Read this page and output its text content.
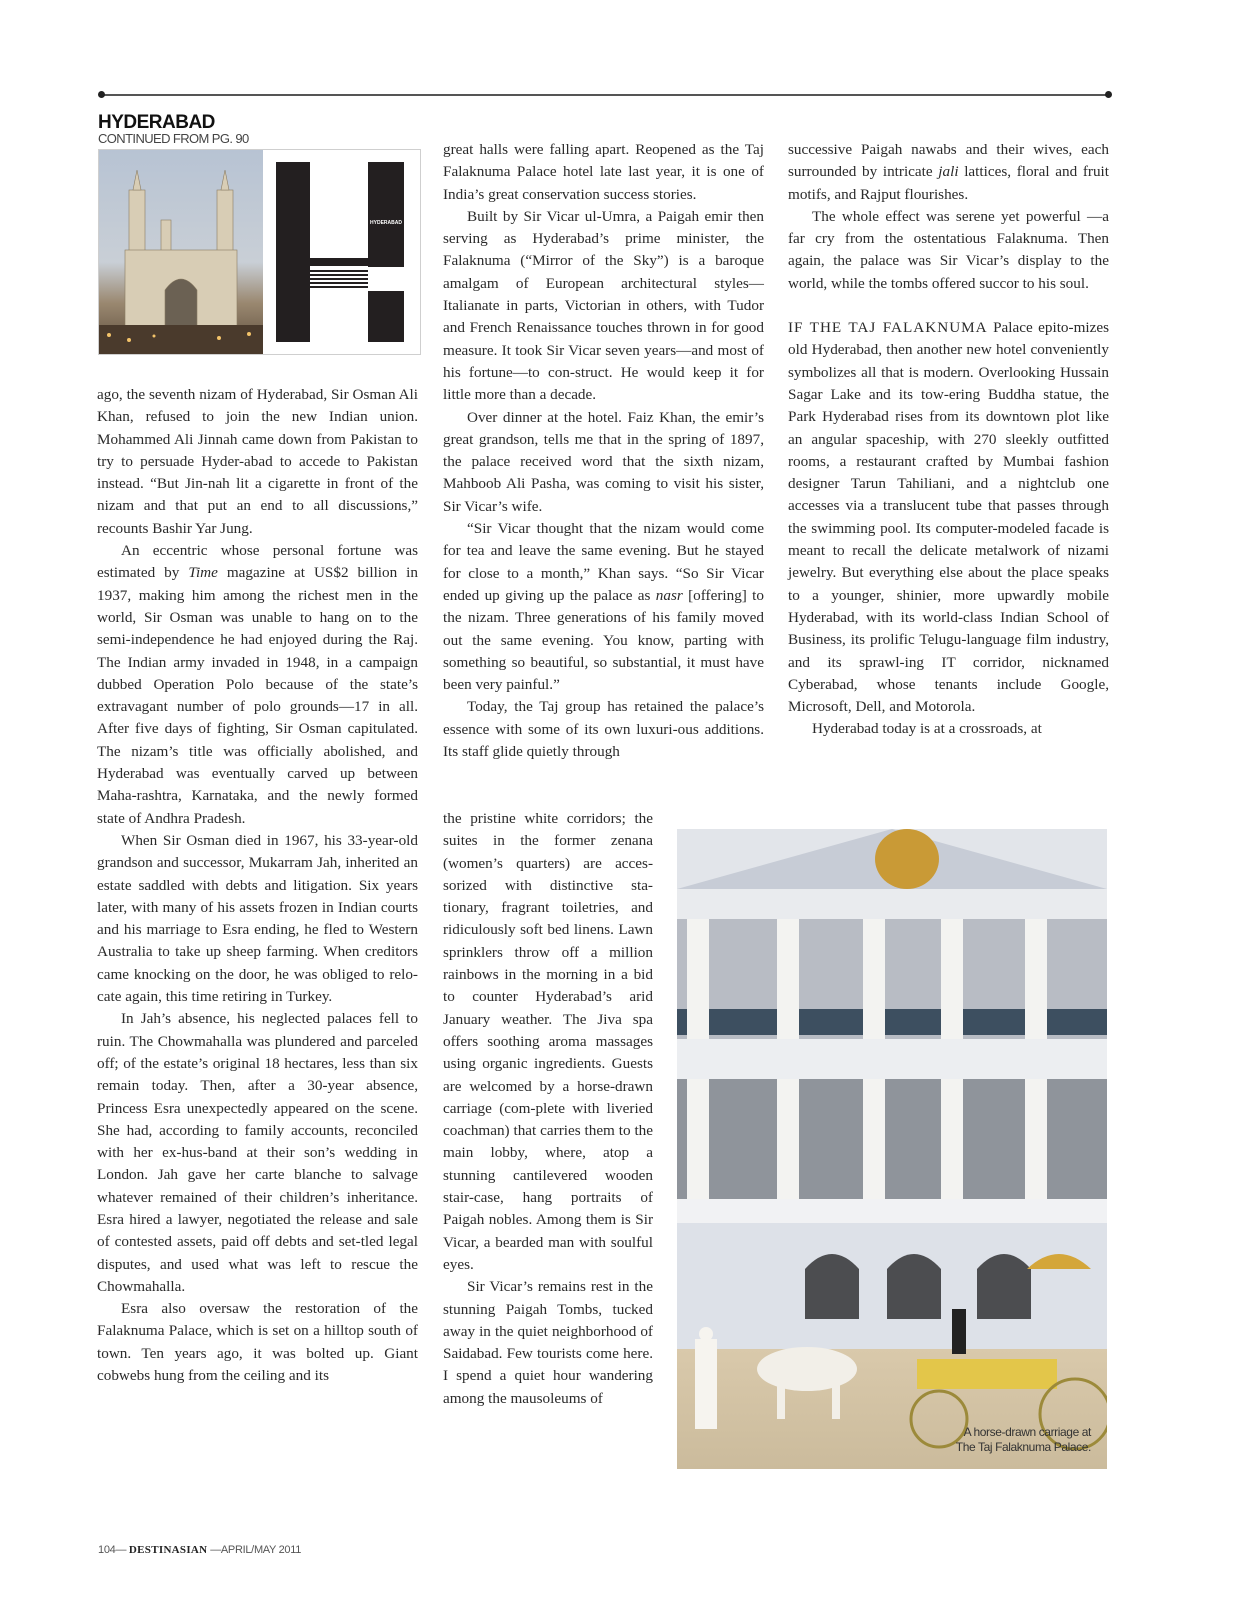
HYDERABAD
CONTINUED FROM PG. 90
HYDERABAD

ago, the seventh nizam of Hyderabad, Sir Osman Ali Khan, refused to join the new Indian union. Mohammed Ali Jinnah came down from Pakistan to try to persuade Hyder-abad to accede to Pakistan instead. “But Jin-nah lit a cigarette in front of the nizam and that put an end to all discussions,” recounts Bashir Yar Jung.

An eccentric whose personal fortune was estimated by Time magazine at US$2 billion in 1937, making him among the richest men in the world, Sir Osman was unable to hang on to the semi-independence he had enjoyed during the Raj. The Indian army invaded in 1948, in a campaign dubbed Operation Polo because of the state’s extravagant number of polo grounds—17 in all. After five days of fighting, Sir Osman capitulated. The nizam’s title was officially abolished, and Hyderabad was eventually carved up between Maha-rashtra, Karnataka, and the newly formed state of Andhra Pradesh.

When Sir Osman died in 1967, his 33-year-old grandson and successor, Mukarram Jah, inherited an estate saddled with debts and litigation. Six years later, with many of his assets frozen in Indian courts and his marriage to Esra ending, he fled to Western Australia to take up sheep farming. When creditors came knocking on the door, he was obliged to relo-cate again, this time retiring in Turkey.

In Jah’s absence, his neglected palaces fell to ruin. The Chowmahalla was plundered and parceled off; of the estate’s original 18 hectares, less than six remain today. Then, after a 30-year absence, Princess Esra unexpectedly appeared on the scene. She had, according to family accounts, reconciled with her ex-hus-band at their son’s wedding in London. Jah gave her carte blanche to salvage whatever remained of their children’s inheritance. Esra hired a lawyer, negotiated the release and sale of contested assets, paid off debts and set-tled legal disputes, and used what was left to rescue the Chowmahalla.

Esra also oversaw the restoration of the Falaknuma Palace, which is set on a hilltop south of town. Ten years ago, it was bolted up. Giant cobwebs hung from the ceiling and its

great halls were falling apart. Reopened as the Taj Falaknuma Palace hotel late last year, it is one of India’s great conservation success stories.

Built by Sir Vicar ul-Umra, a Paigah emir then serving as Hyderabad’s prime minister, the Falaknuma (“Mirror of the Sky”) is a baroque amalgam of European architectural styles—Italianate in parts, Victorian in others, with Tudor and French Renaissance touches thrown in for good measure. It took Sir Vicar seven years—and most of his fortune—to con-struct. He would keep it for little more than a decade.

Over dinner at the hotel. Faiz Khan, the emir’s great grandson, tells me that in the spring of 1897, the palace received word that the sixth nizam, Mahboob Ali Pasha, was coming to visit his sister, Sir Vicar’s wife.

“Sir Vicar thought that the nizam would come for tea and leave the same evening. But he stayed for close to a month,” Khan says. “So Sir Vicar ended up giving up the palace as nasr [offering] to the nizam. Three generations of his family moved out the same evening. You know, parting with something so beautiful, so substantial, it must have been very painful.”

Today, the Taj group has retained the palace’s essence with some of its own luxuri-ous additions. Its staff glide quietly through

the pristine white corridors; the suites in the former zenana (women’s quarters) are acces-sorized with distinctive sta-tionary, fragrant toiletries, and ridiculously soft bed linens. Lawn sprinklers throw off a million rainbows in the morning in a bid to counter Hyderabad’s arid January weather. The Jiva spa offers soothing aroma massages using organic ingredients. Guests are welcomed by a horse-drawn carriage (com-plete with liveried coachman) that carries them to the main lobby, where, atop a stunning cantilevered wooden stair-case, hang portraits of Paigah nobles. Among them is Sir Vicar, a bearded man with soulful eyes.

Sir Vicar’s remains rest in the stunning Paigah Tombs, tucked away in the quiet neighborhood of Saidabad. Few tourists come here. I spend a quiet hour wandering among the mausoleums of

successive Paigah nawabs and their wives, each surrounded by intricate jali lattices, floral and fruit motifs, and Rajput flourishes.

The whole effect was serene yet powerful —a far cry from the ostentatious Falaknuma. Then again, the palace was Sir Vicar’s display to the world, while the tombs offered succor to his soul.

IF THE TAJ FALAKNUMA Palace epito-mizes old Hyderabad, then another new hotel conveniently symbolizes all that is modern. Overlooking Hussain Sagar Lake and its tow-ering Buddha statue, the Park Hyderabad rises from its downtown plot like an angular spaceship, with 270 sleekly outfitted rooms, a restaurant crafted by Mumbai fashion designer Tarun Tahiliani, and a nightclub one accesses via a translucent tube that passes through the swimming pool. Its computer-modeled facade is meant to recall the delicate metalwork of nizami jewelry. But everything else about the place speaks to a younger, shinier, more upwardly mobile Hyderabad, with its world-class Indian School of Business, its prolific Telugu-language film industry, and its sprawl-ing IT corridor, nicknamed Cyberabad, whose tenants include Google, Microsoft, Dell, and Motorola.

Hyderabad today is at a crossroads, at

A horse-drawn carriage at
The Taj Falaknuma Palace.
104— DESTINASIAN —APRIL/MAY 2011
